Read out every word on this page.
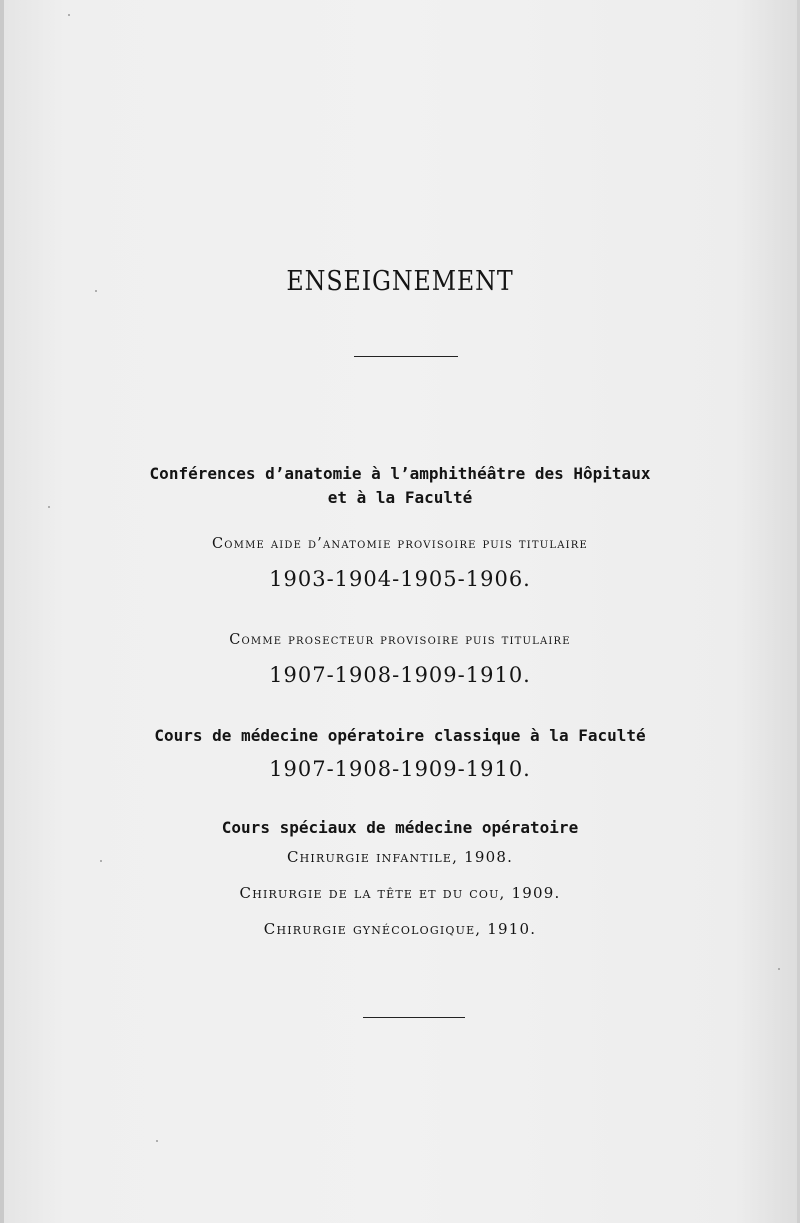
ENSEIGNEMENT
Conférences d’anatomie à l’amphithéâtre des Hôpitaux
et à la Faculté
Comme aide d’anatomie provisoire puis titulaire
1903-1904-1905-1906.
Comme prosecteur provisoire puis titulaire
1907-1908-1909-1910.
Cours de médecine opératoire classique à la Faculté
1907-1908-1909-1910.
Cours spéciaux de médecine opératoire
Chirurgie infantile, 1908.
Chirurgie de la tête et du cou, 1909.
Chirurgie gynécologique, 1910.
